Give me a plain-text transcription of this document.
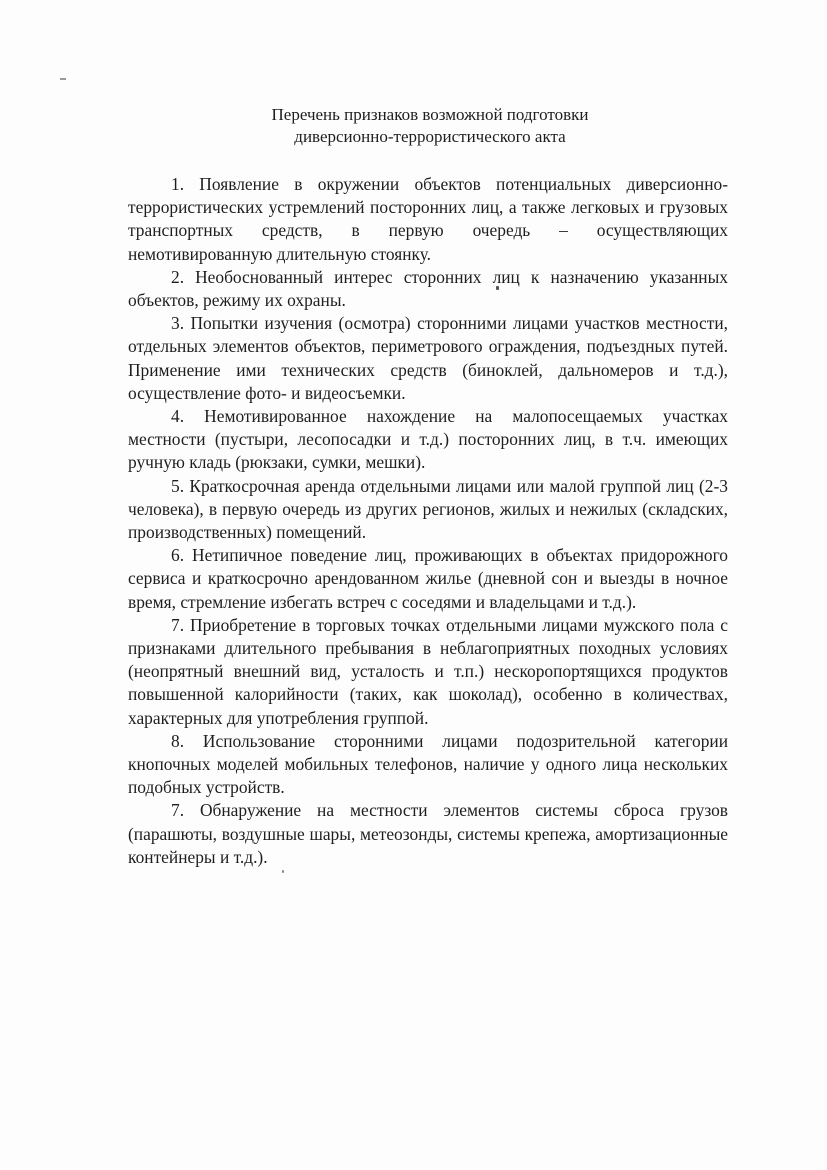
Перечень признаков возможной подготовки
диверсионно-террористического акта

1. Появление в окружении объектов потенциальных диверсионно-террористических устремлений посторонних лиц, а также легковых и грузовых транспортных средств, в первую очередь – осуществляющих немотивированную длительную стоянку.

2. Необоснованный интерес сторонних лиц к назначению указанных объектов, режиму их охраны.

3. Попытки изучения (осмотра) сторонними лицами участков местности, отдельных элементов объектов, периметрового ограждения, подъездных путей. Применение ими технических средств (биноклей, дальномеров и т.д.), осуществление фото- и видеосъемки.

4. Немотивированное нахождение на малопосещаемых участках местности (пустыри, лесопосадки и т.д.) посторонних лиц, в т.ч. имеющих ручную кладь (рюкзаки, сумки, мешки).

5. Краткосрочная аренда отдельными лицами или малой группой лиц (2-3 человека), в первую очередь из других регионов, жилых и нежилых (складских, производственных) помещений.

6. Нетипичное поведение лиц, проживающих в объектах придорожного сервиса и краткосрочно арендованном жилье (дневной сон и выезды в ночное время, стремление избегать встреч с соседями и владельцами и т.д.).

7. Приобретение в торговых точках отдельными лицами мужского пола с признаками длительного пребывания в неблагоприятных походных условиях (неопрятный внешний вид, усталость и т.п.) нескоропортящихся продуктов повышенной калорийности (таких, как шоколад), особенно в количествах, характерных для употребления группой.

8. Использование сторонними лицами подозрительной категории кнопочных моделей мобильных телефонов, наличие у одного лица нескольких подобных устройств.

7. Обнаружение на местности элементов системы сброса грузов (парашюты, воздушные шары, метеозонды, системы крепежа, амортизационные контейнеры и т.д.).
